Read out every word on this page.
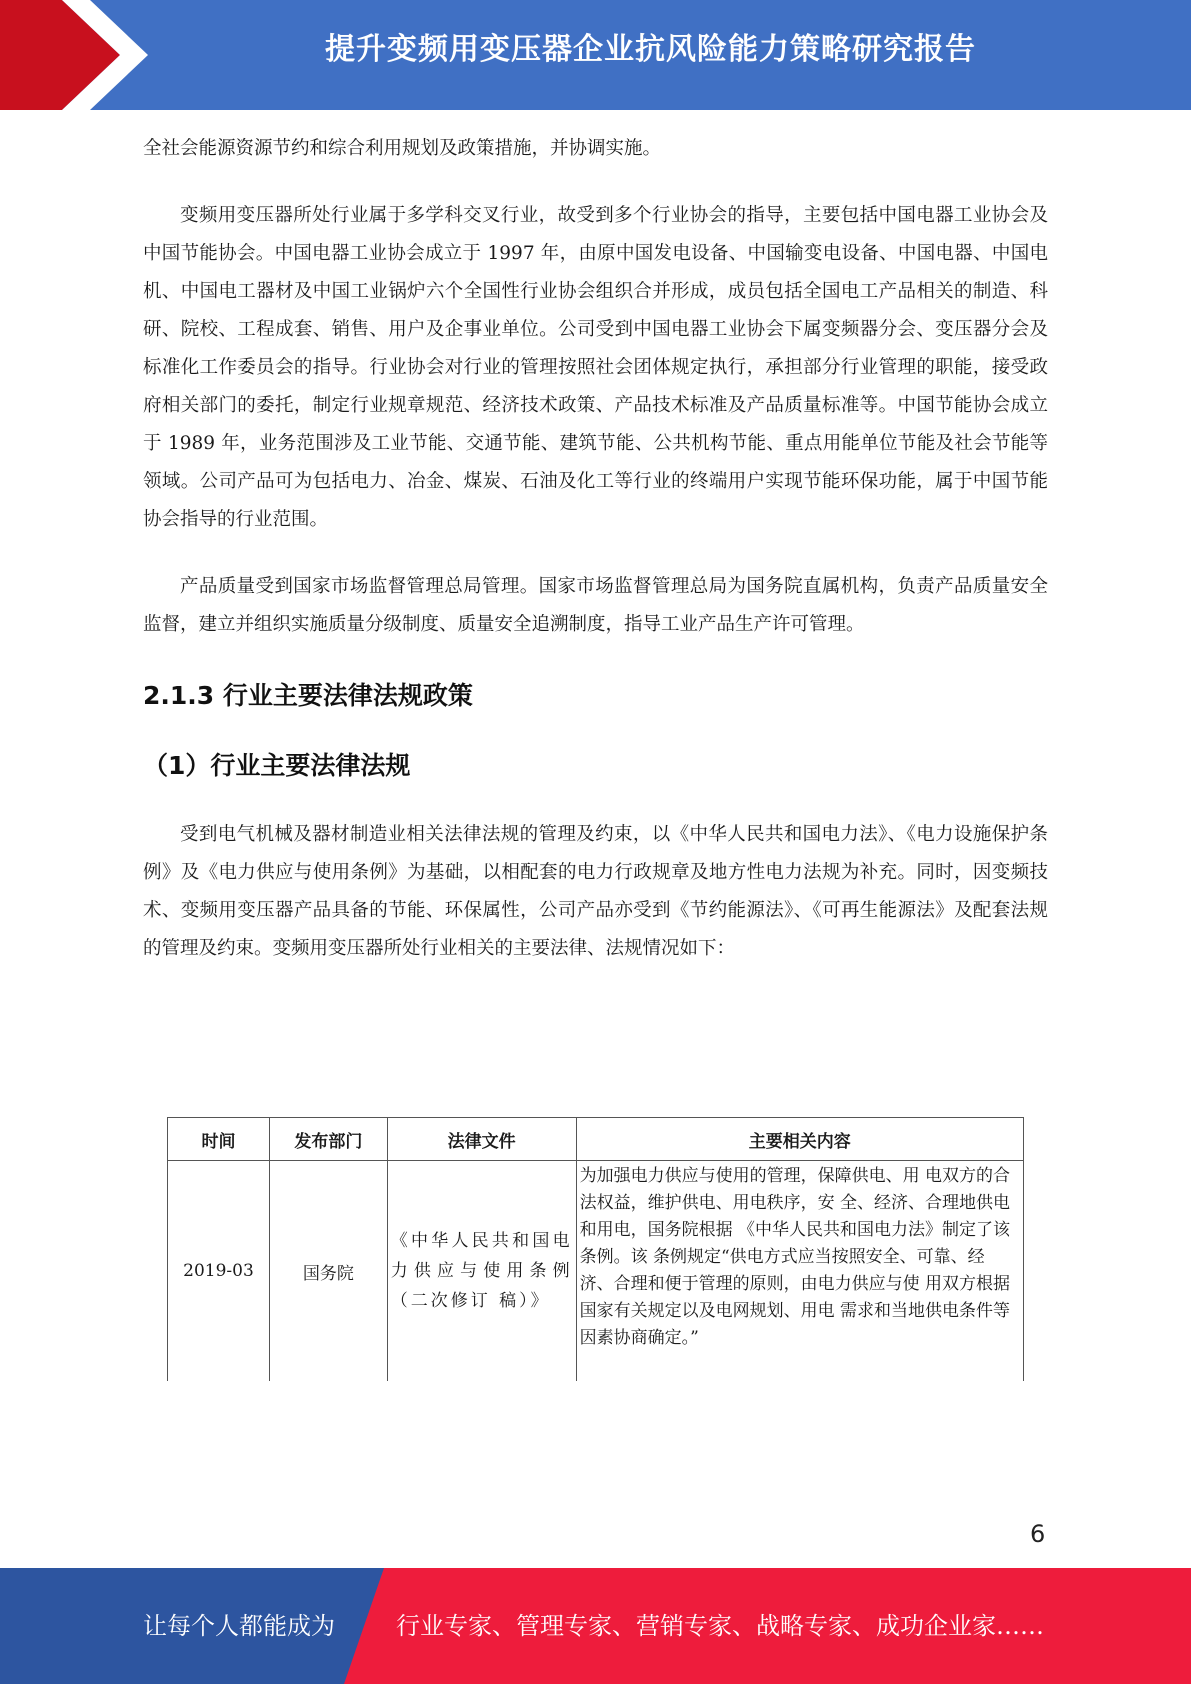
提升变频用变压器企业抗风险能力策略研究报告

全社会能源资源节约和综合利用规划及政策措施，并协调实施。

变频用变压器所处行业属于多学科交叉行业，故受到多个行业协会的指导，主要包括中国电器工业协会及中国节能协会。中国电器工业协会成立于 1997 年，由原中国发电设备、中国输变电设备、中国电器、中国电机、中国电工器材及中国工业锅炉六个全国性行业协会组织合并形成，成员包括全国电工产品相关的制造、科研、院校、工程成套、销售、用户及企事业单位。公司受到中国电器工业协会下属变频器分会、变压器分会及标准化工作委员会的指导。行业协会对行业的管理按照社会团体规定执行，承担部分行业管理的职能，接受政府相关部门的委托，制定行业规章规范、经济技术政策、产品技术标准及产品质量标准等。中国节能协会成立于 1989 年，业务范围涉及工业节能、交通节能、建筑节能、公共机构节能、重点用能单位节能及社会节能等领域。公司产品可为包括电力、冶金、煤炭、石油及化工等行业的终端用户实现节能环保功能，属于中国节能协会指导的行业范围。

产品质量受到国家市场监督管理总局管理。国家市场监督管理总局为国务院直属机构，负责产品质量安全监督，建立并组织实施质量分级制度、质量安全追溯制度，指导工业产品生产许可管理。

2.1.3 行业主要法律法规政策
（1）行业主要法律法规

受到电气机械及器材制造业相关法律法规的管理及约束，以《中华人民共和国电力法》、《电力设施保护条例》及《电力供应与使用条例》为基础，以相配套的电力行政规章及地方性电力法规为补充。同时，因变频技术、变频用变压器产品具备的节能、环保属性，公司产品亦受到《节约能源法》、《可再生能源法》及配套法规的管理及约束。变频用变压器所处行业相关的主要法律、法规情况如下：

时间	发布部门	法律文件	主要相关内容
2019-03	国务院	《中华人民共和国电力供应与使用条例（二次修订 稿）》	为加强电力供应与使用的管理，保障供电、用 电双方的合法权益，维护供电、用电秩序，安 全、经济、合理地供电和用电，国务院根据 《中华人民共和国电力法》制定了该条例。该 条例规定“供电方式应当按照安全、可靠、经 济、合理和便于管理的原则，由电力供应与使 用双方根据国家有关规定以及电网规划、用电 需求和当地供电条件等因素协商确定。”
6
让每个人都能成为	行业专家、管理专家、营销专家、战略专家、成功企业家……
